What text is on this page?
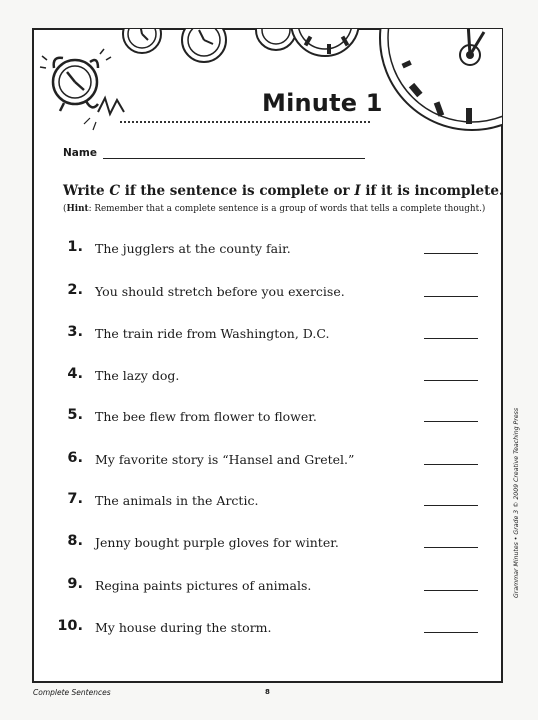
Minute 1
Name
Write C if the sentence is complete or I if it is incomplete.
(Hint: Remember that a complete sentence is a group of words that tells a complete thought.)
1. The jugglers at the county fair.
2. You should stretch before you exercise.
3. The train ride from Washington, D.C.
4. The lazy dog.
5. The bee flew from flower to flower.
6. My favorite story is “Hansel and Gretel.”
7. The animals in the Arctic.
8. Jenny bought purple gloves for winter.
9. Regina paints pictures of animals.
10. My house during the storm.
Grammar Minutes • Grade 3 © 2009 Creative Teaching Press
Complete Sentences	8
